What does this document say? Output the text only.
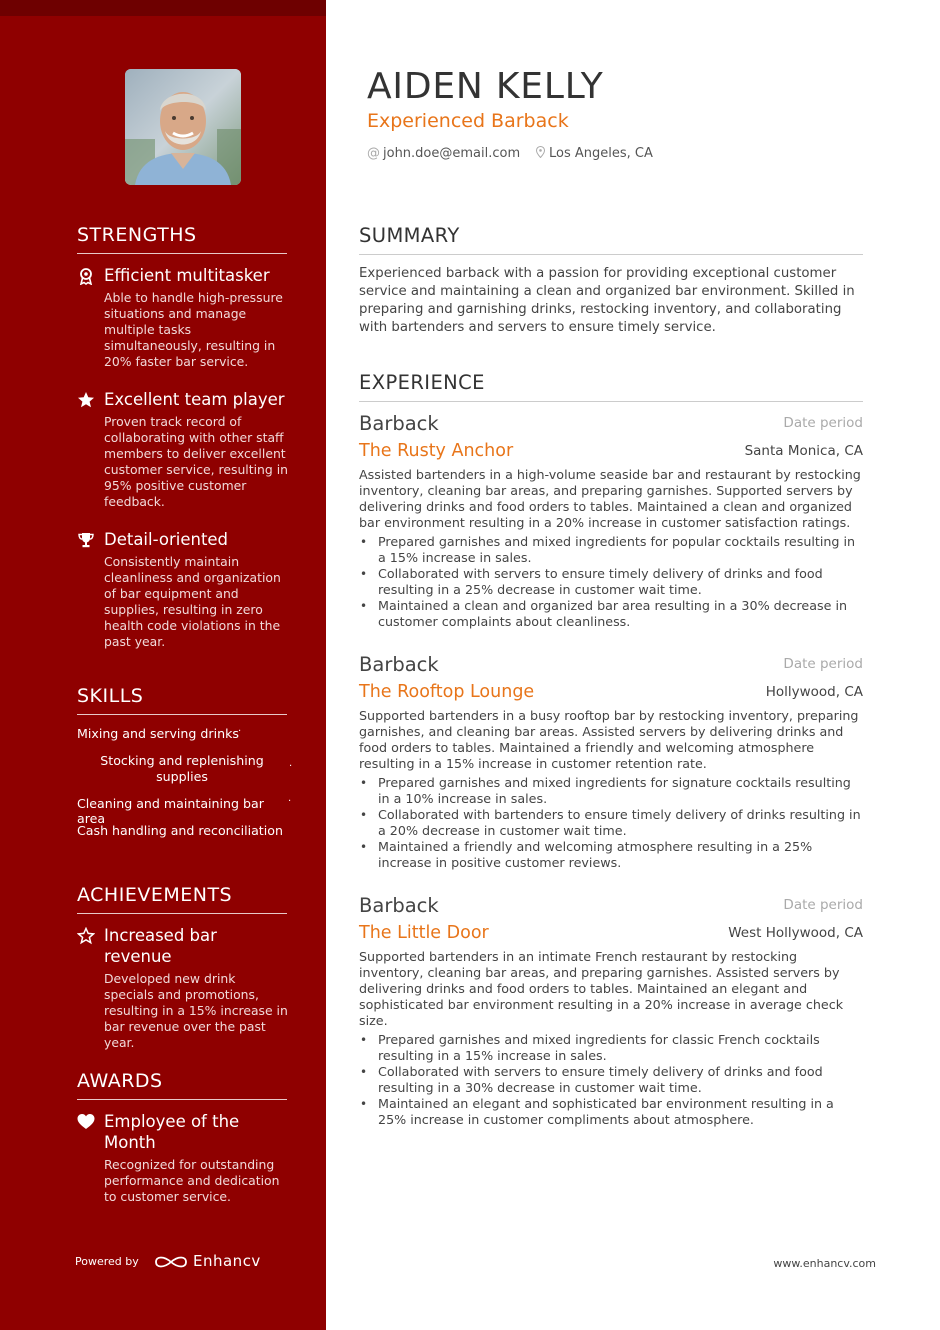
STRENGTHS
Efficient multitasker
Able to handle high-pressure situations and manage multiple tasks simultaneously, resulting in 20% faster bar service.
Excellent team player
Proven track record of collaborating with other staff members to deliver excellent customer service, resulting in 95% positive customer feedback.
Detail-oriented
Consistently maintain cleanliness and organization of bar equipment and supplies, resulting in zero health code violations in the past year.
SKILLS
Mixing and serving drinks ·
Stocking and replenishing supplies
·
Cleaning and maintaining bar area
·
Cash handling and reconciliation
ACHIEVEMENTS
Increased bar revenue
Developed new drink specials and promotions, resulting in a 15% increase in bar revenue over the past year.
AWARDS
Employee of the Month
Recognized for outstanding performance and dedication to customer service.
Powered by	Enhancv
AIDEN KELLY
Experienced Barback
@ john.doe@email.com	Los Angeles, CA
SUMMARY
Experienced barback with a passion for providing exceptional customer service and maintaining a clean and organized bar environment. Skilled in preparing and garnishing drinks, restocking inventory, and collaborating with bartenders and servers to ensure timely service.
EXPERIENCE
Barback	Date period
The Rusty Anchor	Santa Monica, CA
Assisted bartenders in a high-volume seaside bar and restaurant by restocking inventory, cleaning bar areas, and preparing garnishes. Supported servers by delivering drinks and food orders to tables. Maintained a clean and organized bar environment resulting in a 20% increase in customer satisfaction ratings.
• Prepared garnishes and mixed ingredients for popular cocktails resulting in a 15% increase in sales.
• Collaborated with servers to ensure timely delivery of drinks and food resulting in a 25% decrease in customer wait time.
• Maintained a clean and organized bar area resulting in a 30% decrease in customer complaints about cleanliness.
Barback	Date period
The Rooftop Lounge	Hollywood, CA
Supported bartenders in a busy rooftop bar by restocking inventory, preparing garnishes, and cleaning bar areas. Assisted servers by delivering drinks and food orders to tables. Maintained a friendly and welcoming atmosphere resulting in a 15% increase in customer retention rate.
• Prepared garnishes and mixed ingredients for signature cocktails resulting in a 10% increase in sales.
• Collaborated with bartenders to ensure timely delivery of drinks resulting in a 20% decrease in customer wait time.
• Maintained a friendly and welcoming atmosphere resulting in a 25% increase in positive customer reviews.
Barback	Date period
The Little Door	West Hollywood, CA
Supported bartenders in an intimate French restaurant by restocking inventory, cleaning bar areas, and preparing garnishes. Assisted servers by delivering drinks and food orders to tables. Maintained an elegant and sophisticated bar environment resulting in a 20% increase in average check size.
• Prepared garnishes and mixed ingredients for classic French cocktails resulting in a 15% increase in sales.
• Collaborated with servers to ensure timely delivery of drinks and food resulting in a 30% decrease in customer wait time.
• Maintained an elegant and sophisticated bar environment resulting in a 25% increase in customer compliments about atmosphere.
www.enhancv.com
